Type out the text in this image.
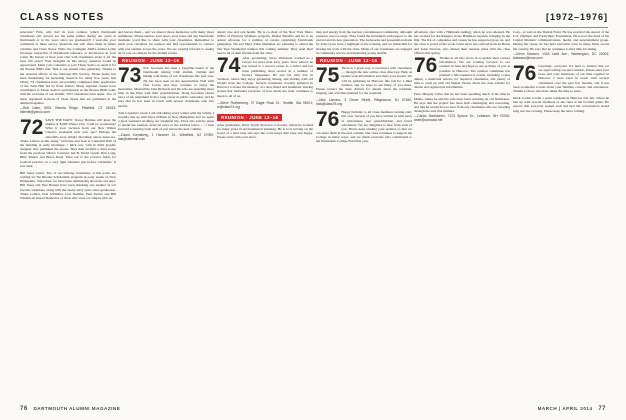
CLASS NOTES	[1972–1976]

selection? First, why me? In your opinion, which Dartmouth classmates (all across) are the same (either during our years at Dartmouth or in the years since we graduated)? I welcome your comments to these survey questions and will share them in future columns and Class Notes. Write the Collegian 2020's former Lyme beverage respectful of Dartmouth tolerance or intolerance in your youth. Be honest or have your chat with classmates about it for the next 100 years? Your thoughts on this survey question would be appreciated. Mark your calendars to join Thane Seabo on April 9 for the Boston BDD ride. This is our annual class gathering. Thanks to the research efforts of the National MS Society. Thane Seabo has been fundraising for including research for many five years. Jim Ollary '72 classmates have successfully completed their application of the Tuck Hall led by Peter Zalton. Many regional classes have contributed to Thane Seabo's participation in the Boston BDD walk. Still the welcome of our alumni, 1972 classmates have spent. Two of these organized sections of Class Notes that are published in the alumni magazine.

—Bob Lilien, 5931 Victoria Ridge, Pittsfield, CT 06233; bilienbt@yahoo.com
72 SAVE THE DATE: Tracey Holmes will greet the alumni at 8,000 Winter City, could be wondering? What is your vacation from our New Winter Classics weekends next year ago? Perhaps the snowfalls were simply shoveling where dates are. Thane Lemon recalls being "welcome and look at Campbell Hall of the building in early mornings..." Dick was "still in 2019 graphic designer who published the Green. They then recalled a drive home from the previous Winter Carnival, but B. David Lynch. Ban Long, Billy Kletter and Bruce Reed. Then out to the practice fields for football practice on a very tight schedule just before Christmas. It was dark.

Bill Jones writes: Two of our lifelong classmates, at this point, are waiting for the Rhodes Scholarship program in early weeks of New Hampshire. Since then, we have been reminiscing about the old days. Bill Jones and Pete Barnett have been thanking one another as our favorite traditions, along with the nearly sixty years since graduation. Thane Lemon, Pete Schindler, Lisa Neddler, Paul Turner and Bill Whalen all shared memories of those who were on campus with us.

and leaves them... and we shared those memories with many more teammates. Please send us your news, your notes and any Dartmouth moments you'd like to share with your classmates. Remember to mark your calendars for reunion and find opportunities to connect with one another across the years. We are looking forward to seeing all of you on campus for the alumni events.

REUNION · JUNE 13–16
73 Eric Sorensen has been a longtime leader of the Dartmouth Outing Club alumni, visiting and hiking with many of our classmates this past year. He has been seen on the Appalachian Trail with Don Lewis, and they continue to enjoy the mountains. Meanwhile, Dan Richards and his wife are spending more time in the West with their grandchildren. Doug Goodwin shares news of his retirement from a long career in public education, and he says that he has been in touch with several classmates who live nearby.

Tom Capitanio wrote: I am still skiing every winter with my family. I recently met up with Dave O'Brien in New Hampshire and we spent a great weekend recalling our freshman trip. Dave also said he plans to attend the reunion. Send all news to the address below — I look forward to hearing from each of you before the next column.

—David Kornsberg, 1 Hanover St., Westfield, NJ 07090; dak@dakmail.com

dental care and oral health. He is co-chair of the New York Metro Office of Physical Wellness program, Dental Benefits and he is an ardent advocate for a number of events organizing Dartmouth gatherings. He and Mary Ellen Shanahan are planning to attend the Ten Year Wonderful reunion this coming summer. They send their best to all of their friends from the class.

74 After graduating, Steve Weinstein worked as a lawyer for more than forty years. Now retired, he has turned to a second career as a writer and has been publishing short stories in a number of literary magazines. He and his wife live in Vermont, where they enjoy gardening, hiking, and visiting with old friends from the College. Several classmates recently gathered in Hanover to honor the memory of a dear friend and teammate, sharing stories that reminded everyone of how much the class continues to mean to all of us.

—Steve Rothenberg, 37 Eagle Rock Ct., Seattle, WA 98101; sr@class74.org
REUNION · JUNE 13–16

After graduation, Dave Trevin moved to Colorado, where he worked for many years in environmental planning. He is now serving on the board of a land trust and says the work keeps him busy and happy. Please write with your news.

map and energy from the nuclear contaminated community, although presence was too large. They found the movement with respect to the current and its new generation. The backpacks and presentation made by Tom Lyons were a highlight of the evening, and we thank him for sharing his work with the class. Many of our classmates are engaged in community service and mentoring young alumni.

REUNION · JUNE 13–16
75 There is a great way to reconnect with classmates — through the new online class directory. Help us update your information and share your stories. We will be gathering in Hanover this fall for a mini reunion, and we hope to see many of you there. Please contact the class officers for details about the schedule, lodging, and activities planned for the weekend.

—Nick Lamazz, 3 Grove Street, Ridgewood, NJ 07450; nick@class75.org
76 Happy birthday to all Class members turning sixty this year. Several of you have written in with news of retirements, new grandchildren, and travel adventures. We are delighted to hear from each of you. Please keep sending your updates so that we can share them in the next column. Our class continues to support the College in many ways, and we thank everyone who contributed to the Dartmouth College Fund this year.

adventure, (not with a Hallmark ending), when he was released. He has worked for the Rangers in the Hamilton bayside, bringing in the fish. The list of companies and causes he has supported goes on, and the class is proud of his work. Great news also arrived from Al Burns and Gabe Newton, who shared their reunion plans with the class officers this spring.

76 Thanks to all who wrote in to update their contact information. We are looking forward to our reunion in June and hope to see as many of you as possible in Hanover. The reunion committee has planned a full weekend of events, including a class dinner, a memorial service for departed classmates, and plenty of time to catch up with old friends. Please check the class website for details and registration information.

Peter Murphy writes that he has been spending much of his time in Maine, where he and his wife have been restoring an old farmhouse. He says that the project has been both challenging and rewarding, and that he would love to hear from any classmates who are traveling through the area this summer.

—Carlos Bartolomei, 7123 Spruce Dr., Lebanon, NH 03766; cbart@comcast.net

Corp., as well as the Danish Fund. He has received the Award of the U.S. Olympic and Paralympic Foundation. He is now the head of his Capital Markets' communications, media, and entertainment group. During his career, he has held executive roles in many firms across the country. He says that he continues to find time for skiing.

—Kevin Dawson, 1404 Ladd Ave., Washington, DC 20003; kdawson@mac.com
76 Greetings, everyone. It's hard to believe that we are approaching our next reunion. Please send your news and your memories of our time together in Hanover. I have been in touch with several classmates over the past few months, and it has been wonderful to hear about your families, careers, and adventures. Thanks to those who have taken the time to write.

Mark Jordan recalls a great weekend in Hanover last fall, where he met up with several members of the class at the football game. He reports that everyone looked well and that the conversation lasted long into the evening. Please keep the news coming.

76 DARTMOUTH ALUMNI MAGAZINE	MARCH | APRIL 2014 77
